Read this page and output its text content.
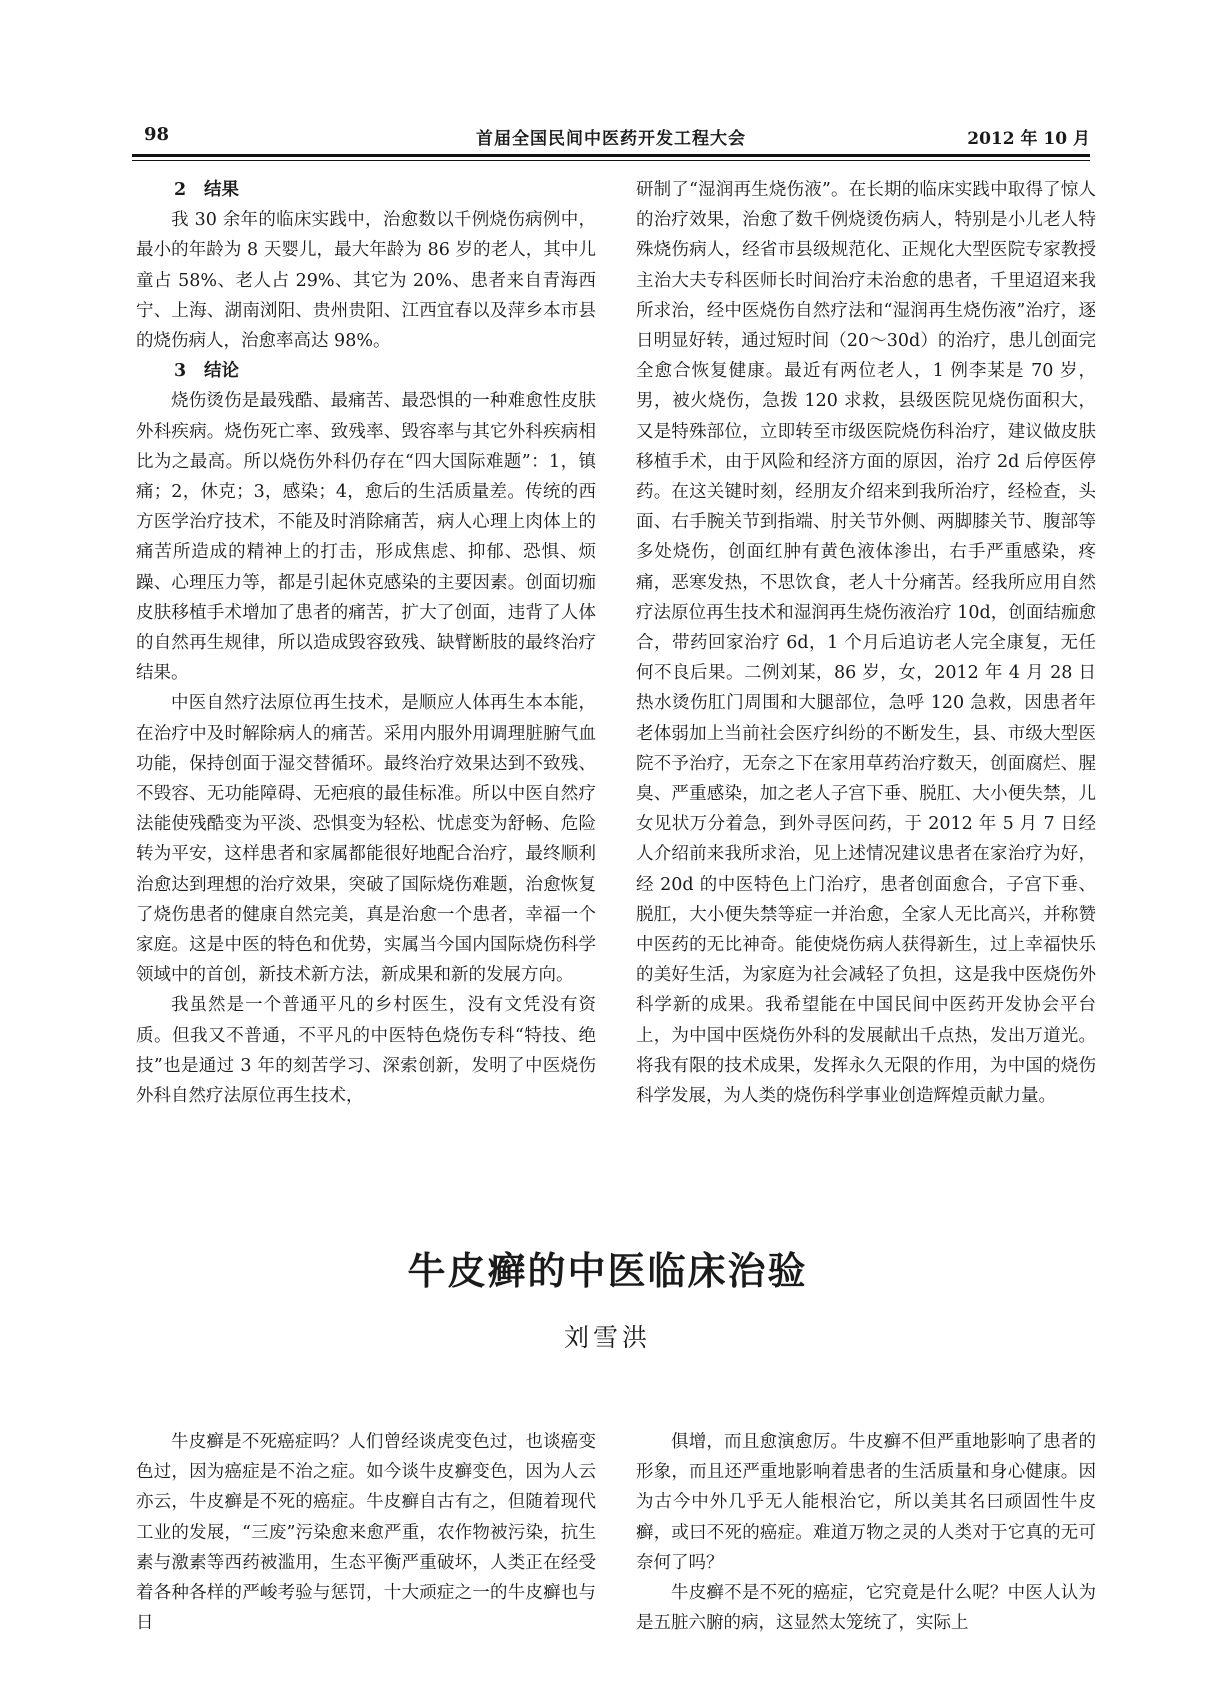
98	首届全国民间中医药开发工程大会	2012 年 10 月
2 结果

我 30 余年的临床实践中，治愈数以千例烧伤病例中，最小的年龄为 8 天婴儿，最大年龄为 86 岁的老人，其中儿童占 58%、老人占 29%、其它为 20%、患者来自青海西宁、上海、湖南浏阳、贵州贵阳、江西宜春以及萍乡本市县的烧伤病人，治愈率高达 98%。

3 结论

烧伤烫伤是最残酷、最痛苦、最恐惧的一种难愈性皮肤外科疾病。烧伤死亡率、致残率、毁容率与其它外科疾病相比为之最高。所以烧伤外科仍存在“四大国际难题”：1，镇痛；2，休克；3，感染；4，愈后的生活质量差。传统的西方医学治疗技术，不能及时消除痛苦，病人心理上肉体上的痛苦所造成的精神上的打击，形成焦虑、抑郁、恐惧、烦躁、心理压力等，都是引起休克感染的主要因素。创面切痂皮肤移植手术增加了患者的痛苦，扩大了创面，违背了人体的自然再生规律，所以造成毁容致残、缺臂断肢的最终治疗结果。

中医自然疗法原位再生技术，是顺应人体再生本本能，在治疗中及时解除病人的痛苦。采用内服外用调理脏腑气血功能，保持创面于湿交替循环。最终治疗效果达到不致残、不毁容、无功能障碍、无疤痕的最佳标准。所以中医自然疗法能使残酷变为平淡、恐惧变为轻松、忧虑变为舒畅、危险转为平安，这样患者和家属都能很好地配合治疗，最终顺利治愈达到理想的治疗效果，突破了国际烧伤难题，治愈恢复了烧伤患者的健康自然完美，真是治愈一个患者，幸福一个家庭。这是中医的特色和优势，实属当今国内国际烧伤科学领域中的首创，新技术新方法，新成果和新的发展方向。

我虽然是一个普通平凡的乡村医生，没有文凭没有资质。但我又不普通，不平凡的中医特色烧伤专科“特技、绝技”也是通过 3 年的刻苦学习、深索创新，发明了中医烧伤外科自然疗法原位再生技术，

研制了“湿润再生烧伤液”。在长期的临床实践中取得了惊人的治疗效果，治愈了数千例烧烫伤病人，特别是小儿老人特殊烧伤病人，经省市县级规范化、正规化大型医院专家教授主治大夫专科医师长时间治疗未治愈的患者，千里迢迢来我所求治，经中医烧伤自然疗法和“湿润再生烧伤液”治疗，逐日明显好转，通过短时间（20～30d）的治疗，患儿创面完全愈合恢复健康。最近有两位老人，1 例李某是 70 岁，男，被火烧伤，急拨 120 求救，县级医院见烧伤面积大，又是特殊部位，立即转至市级医院烧伤科治疗，建议做皮肤移植手术，由于风险和经济方面的原因，治疗 2d 后停医停药。在这关键时刻，经朋友介绍来到我所治疗，经检查，头面、右手腕关节到指端、肘关节外侧、两脚膝关节、腹部等多处烧伤，创面红肿有黄色液体渗出，右手严重感染，疼痛，恶寒发热，不思饮食，老人十分痛苦。经我所应用自然疗法原位再生技术和湿润再生烧伤液治疗 10d，创面结痂愈合，带药回家治疗 6d，1 个月后追访老人完全康复，无任何不良后果。二例刘某，86 岁，女，2012 年 4 月 28 日热水烫伤肛门周围和大腿部位，急呼 120 急救，因患者年老体弱加上当前社会医疗纠纷的不断发生，县、市级大型医院不予治疗，无奈之下在家用草药治疗数天，创面腐烂、腥臭、严重感染，加之老人子宫下垂、脱肛、大小便失禁，儿女见状万分着急，到外寻医问药，于 2012 年 5 月 7 日经人介绍前来我所求治，见上述情况建议患者在家治疗为好，经 20d 的中医特色上门治疗，患者创面愈合，子宫下垂、脱肛，大小便失禁等症一并治愈，全家人无比高兴，并称赞中医药的无比神奇。能使烧伤病人获得新生，过上幸福快乐的美好生活，为家庭为社会减轻了负担，这是我中医烧伤外科学新的成果。我希望能在中国民间中医药开发协会平台上，为中国中医烧伤外科的发展献出千点热，发出万道光。将我有限的技术成果，发挥永久无限的作用，为中国的烧伤科学发展，为人类的烧伤科学事业创造辉煌贡献力量。

牛皮癣的中医临床治验
刘雪洪

牛皮癣是不死癌症吗？人们曾经谈虎变色过，也谈癌变色过，因为癌症是不治之症。如今谈牛皮癣变色，因为人云亦云，牛皮癣是不死的癌症。牛皮癣自古有之，但随着现代工业的发展，“三废”污染愈来愈严重，农作物被污染，抗生素与激素等西药被滥用，生态平衡严重破坏，人类正在经受着各种各样的严峻考验与惩罚，十大顽症之一的牛皮癣也与日

俱增，而且愈演愈厉。牛皮癣不但严重地影响了患者的形象，而且还严重地影响着患者的生活质量和身心健康。因为古今中外几乎无人能根治它，所以美其名曰顽固性牛皮癣，或曰不死的癌症。难道万物之灵的人类对于它真的无可奈何了吗？

牛皮癣不是不死的癌症，它究竟是什么呢？中医人认为是五脏六腑的病，这显然太笼统了，实际上
